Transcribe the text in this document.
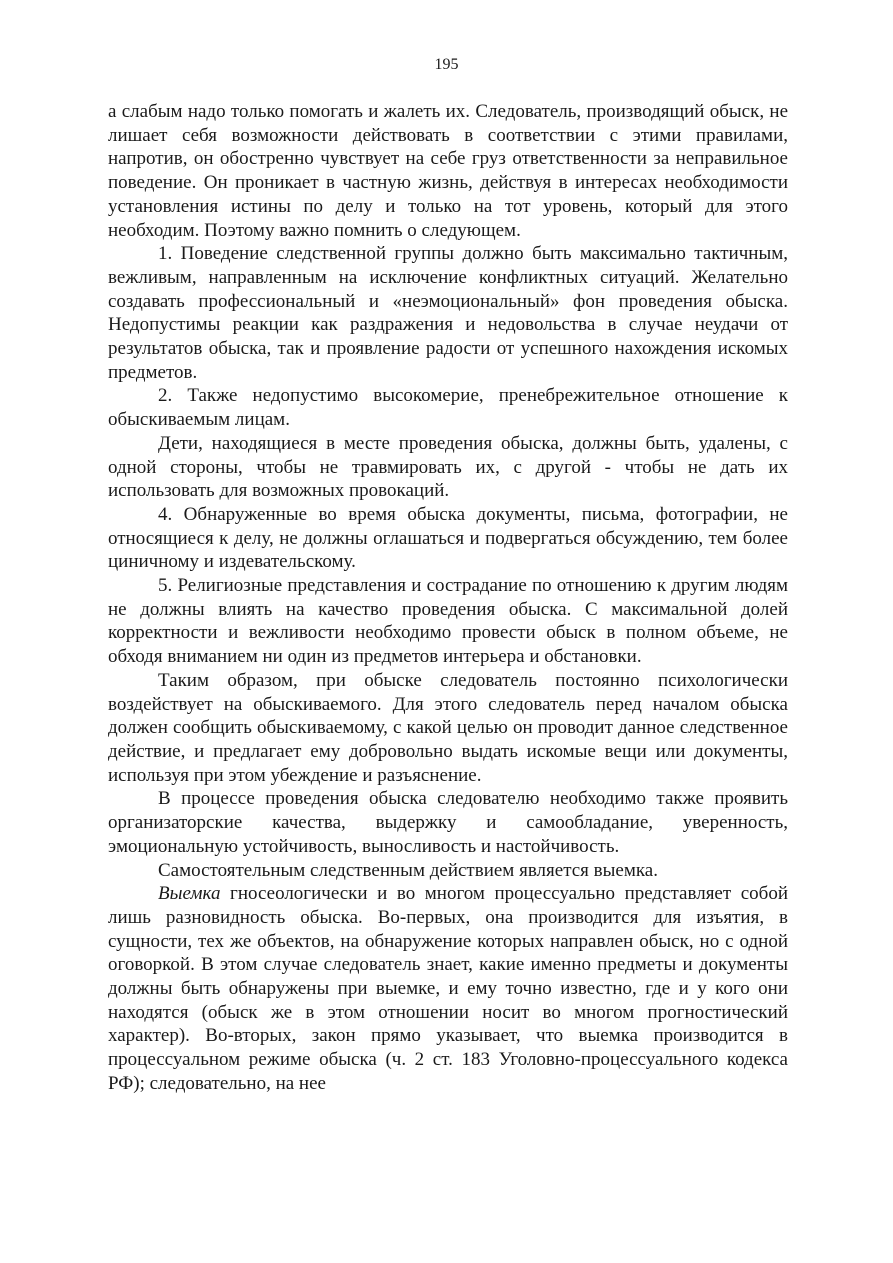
195

а слабым надо только помогать и жалеть их. Следователь, производящий обыск, не лишает себя возможности действовать в соответствии с этими правилами, напротив, он обостренно чувствует на себе груз ответственности за неправильное поведение. Он проникает в частную жизнь, действуя в интересах необходимости установления истины по делу и только на тот уровень, который для этого необходим. Поэтому важно помнить о следующем.

1. Поведение следственной группы должно быть максимально тактичным, вежливым, направленным на исключение конфликтных ситуаций. Желательно создавать профессиональный и «неэмоциональный» фон проведения обыска. Недопустимы реакции как раздражения и недовольства в случае неудачи от результатов обыска, так и проявление радости от успешного нахождения искомых предметов.

2. Также недопустимо высокомерие, пренебрежительное отношение к обыскиваемым лицам.

Дети, находящиеся в месте проведения обыска, должны быть, удалены, с одной стороны, чтобы не травмировать их, с другой - чтобы не дать их использовать для возможных провокаций.

4. Обнаруженные во время обыска документы, письма, фотографии, не относящиеся к делу, не должны оглашаться и подвергаться обсуждению, тем более циничному и издевательскому.

5. Религиозные представления и сострадание по отношению к другим людям не должны влиять на качество проведения обыска. С максимальной долей корректности и вежливости необходимо провести обыск в полном объеме, не обходя вниманием ни один из предметов интерьера и обстановки.

Таким образом, при обыске следователь постоянно психологически воздействует на обыскиваемого. Для этого следователь перед началом обыска должен сообщить обыскиваемому, с какой целью он проводит данное следственное действие, и предлагает ему добровольно выдать искомые вещи или документы, используя при этом убеждение и разъяснение.

В процессе проведения обыска следователю необходимо также проявить организаторские качества, выдержку и самообладание, уверенность, эмоциональную устойчивость, выносливость и настойчивость.

Самостоятельным следственным действием является выемка.

Выемка гносеологически и во многом процессуально представляет собой лишь разновидность обыска. Во-первых, она производится для изъятия, в сущности, тех же объектов, на обнаружение которых направлен обыск, но с одной оговоркой. В этом случае следователь знает, какие именно предметы и документы должны быть обнаружены при выемке, и ему точно известно, где и у кого они находятся (обыск же в этом отношении носит во многом прогностический характер). Во-вторых, закон прямо указывает, что выемка производится в процессуальном режиме обыска (ч. 2 ст. 183 Уголовно-процессуального кодекса РФ); следовательно, на нее
